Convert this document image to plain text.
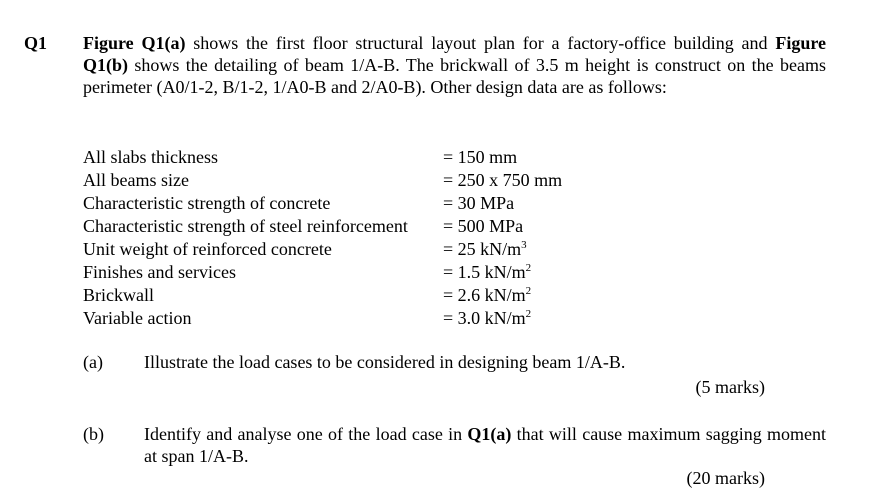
Q1 Figure Q1(a) shows the first floor structural layout plan for a factory-office building and Figure Q1(b) shows the detailing of beam 1/A-B. The brickwall of 3.5 m height is construct on the beams perimeter (A0/1-2, B/1-2, 1/A0-B and 2/A0-B). Other design data are as follows:

All slabs thickness	= 150 mm
All beams size	= 250 x 750 mm
Characteristic strength of concrete	= 30 MPa
Characteristic strength of steel reinforcement = 500 MPa
Unit weight of reinforced concrete	= 25 $kN/m^3$
Finishes and services	= 1.5 $kN/m^2$
Brickwall	= 2.6 $kN/m^2$
Variable action	= 3.0 $kN/m^2$
(a) Illustrate the load cases to be considered in designing beam 1/A-B.
(5 marks)
(b) Identify and analyse one of the load case in Q1(a) that will cause maximum sagging moment at span 1/A-B.
(20 marks)
